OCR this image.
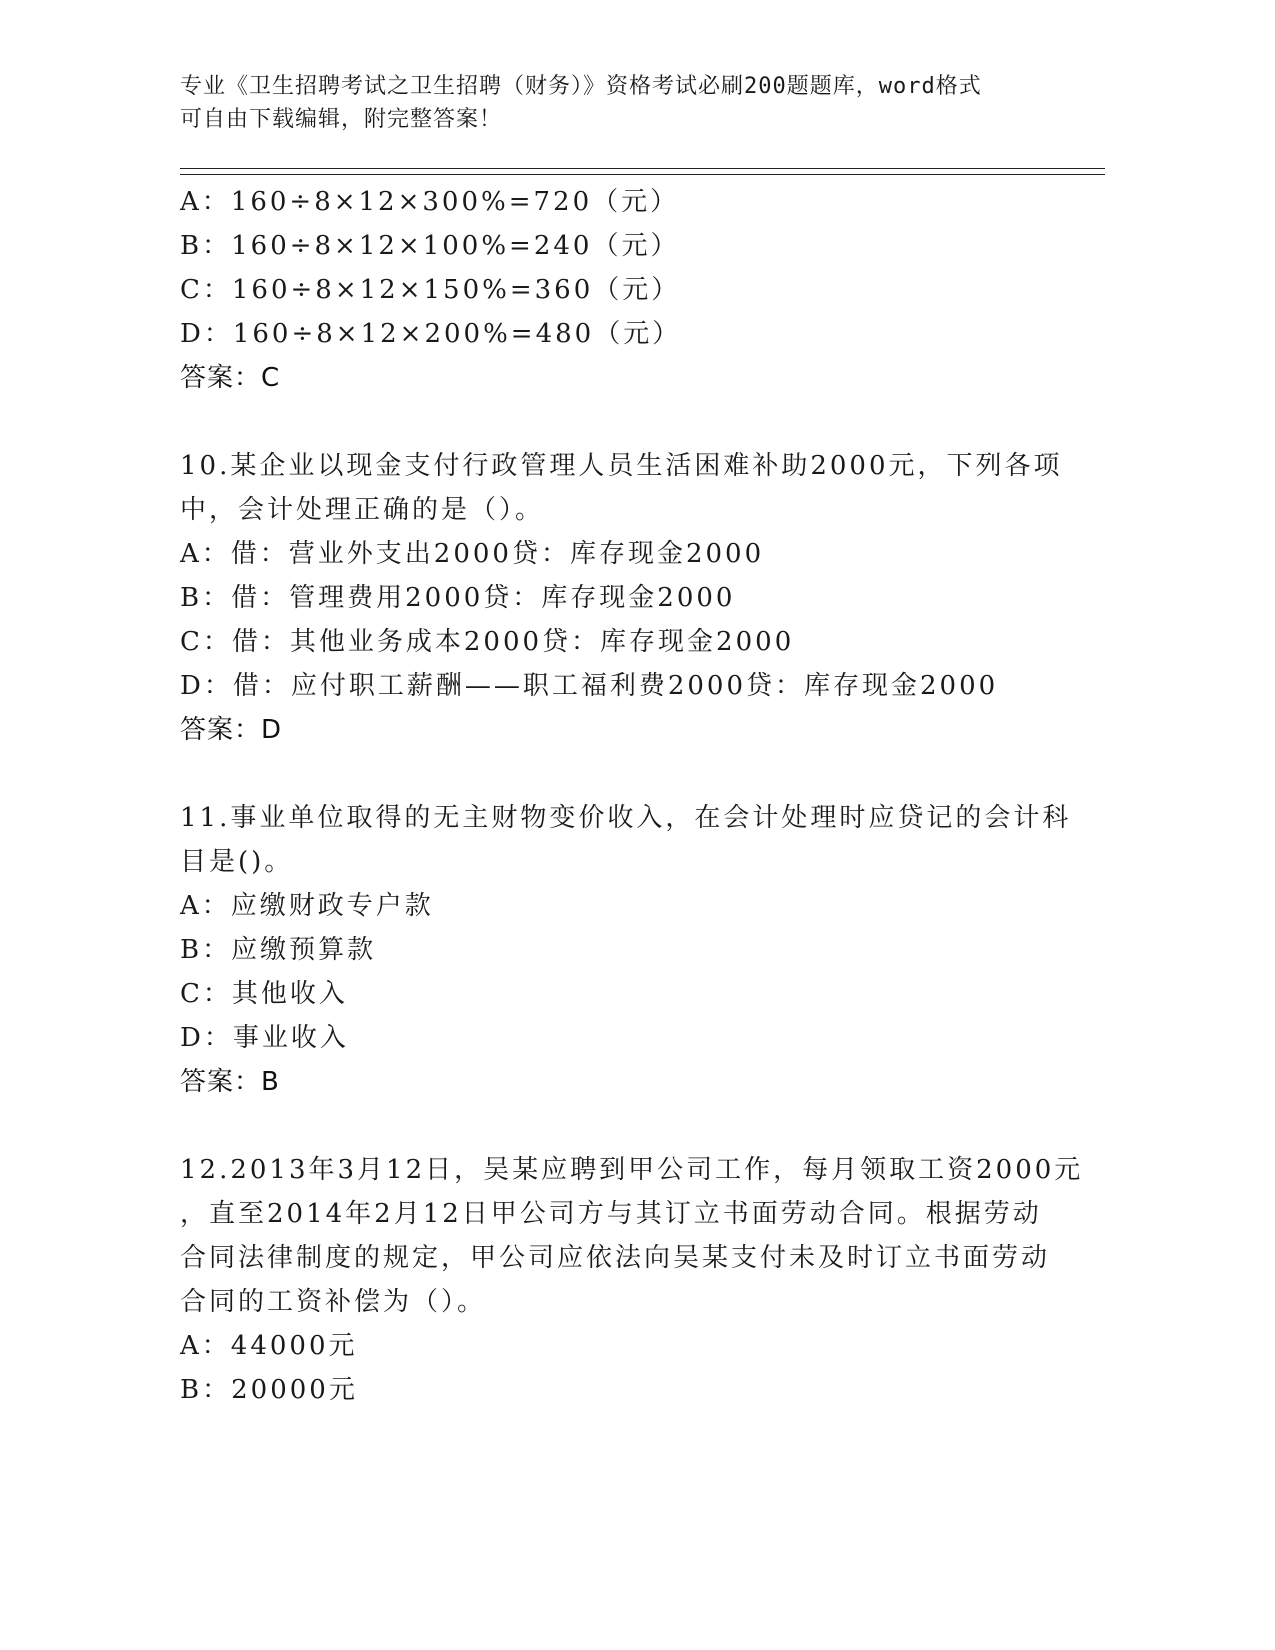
专业《卫生招聘考试之卫生招聘（财务）》资格考试必刷200题题库，word格式
可自由下载编辑，附完整答案！
A：160÷8×12×300%=720（元）
B：160÷8×12×100%=240（元）
C：160÷8×12×150%=360（元）
D：160÷8×12×200%=480（元）
答案：C
10.某企业以现金支付行政管理人员生活困难补助2000元，下列各项
中，会计处理正确的是（）。
A：借：营业外支出2000贷：库存现金2000
B：借：管理费用2000贷：库存现金2000
C：借：其他业务成本2000贷：库存现金2000
D：借：应付职工薪酬——职工福利费2000贷：库存现金2000
答案：D
11.事业单位取得的无主财物变价收入，在会计处理时应贷记的会计科
目是()。
A：应缴财政专户款
B：应缴预算款
C：其他收入
D：事业收入
答案：B
12.2013年3月12日，吴某应聘到甲公司工作，每月领取工资2000元
，直至2014年2月12日甲公司方与其订立书面劳动合同。根据劳动
合同法律制度的规定，甲公司应依法向吴某支付未及时订立书面劳动
合同的工资补偿为（）。
A：44000元
B：20000元
